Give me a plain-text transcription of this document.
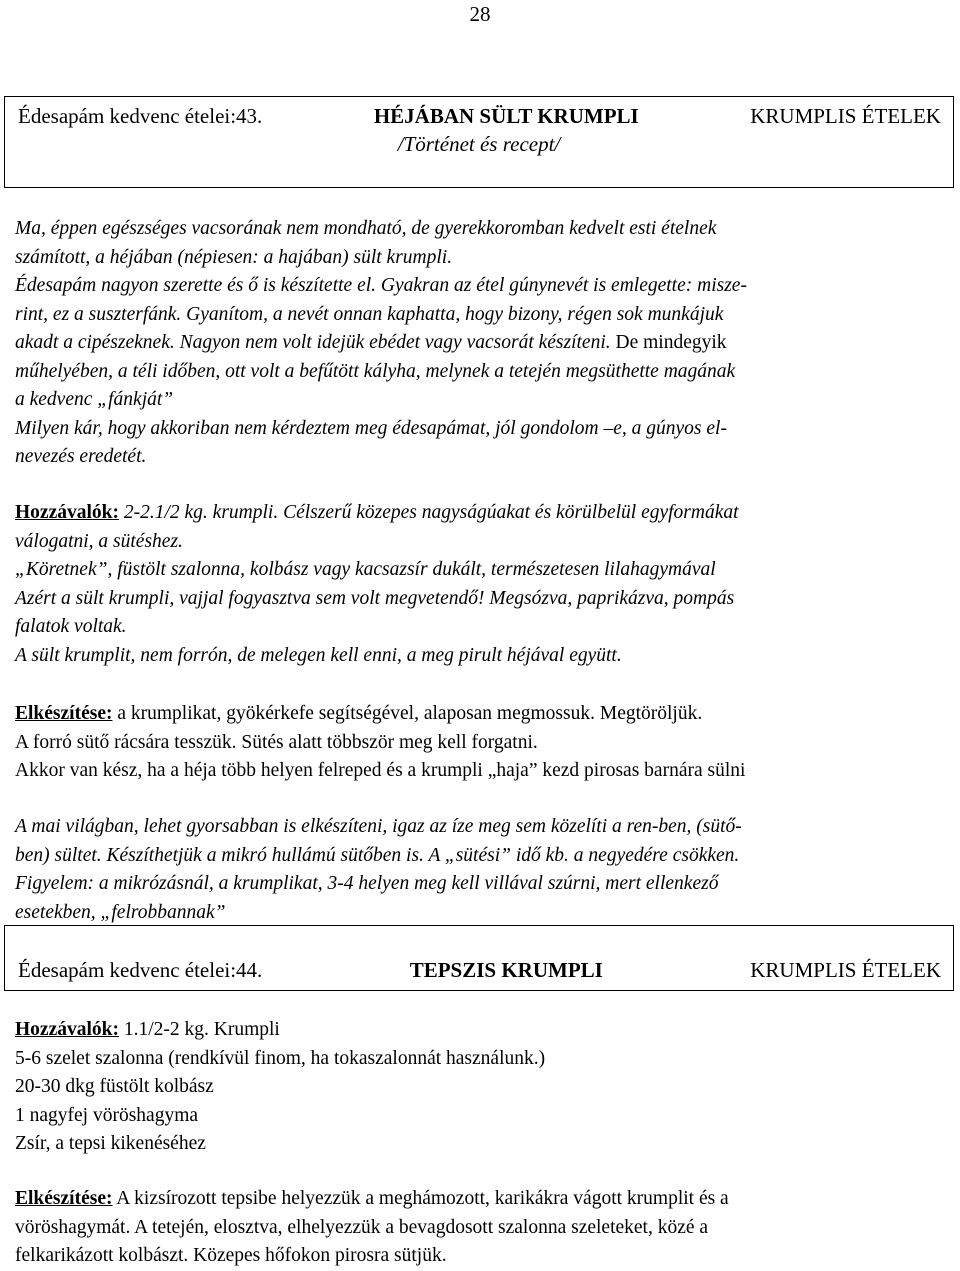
28
Édesapám kedvenc ételei:43.	HÉJÁBAN SÜLT KRUMPLI	KRUMPLIS ÉTELEK
/Történet és recept/

Ma, éppen egészséges vacsorának nem mondható, de gyerekkoromban kedvelt esti ételnek

számított, a héjában (népiesen: a hajában) sült krumpli.

Édesapám nagyon szerette és ő is készítette el. Gyakran az étel gúnynevét is emlegette: misze-

rint, ez a suszterfánk. Gyanítom, a nevét onnan kaphatta, hogy bizony, régen sok munkájuk

akadt a cipészeknek. Nagyon nem volt idejük ebédet vagy vacsorát készíteni. De mindegyik

műhelyében, a téli időben, ott volt a befűtött kályha, melynek a tetején megsüthette magának

a kedvenc „fánkját”

Milyen kár, hogy akkoriban nem kérdeztem meg édesapámat, jól gondolom –e, a gúnyos el-

nevezés eredetét.

Hozzávalók: 2-2.1/2 kg. krumpli. Célszerű közepes nagyságúakat és körülbelül egyformákat

válogatni, a sütéshez.

„Köretnek”, füstölt szalonna, kolbász vagy kacsazsír dukált, természetesen lilahagymával

Azért a sült krumpli, vajjal fogyasztva sem volt megvetendő! Megsózva, paprikázva, pompás

falatok voltak.

A sült krumplit, nem forrón, de melegen kell enni, a meg pirult héjával együtt.

Elkészítése: a krumplikat, gyökérkefe segítségével, alaposan megmossuk. Megtöröljük.

A forró sütő rácsára tesszük. Sütés alatt többször meg kell forgatni.

Akkor van kész, ha a héja több helyen felreped és a krumpli „haja” kezd pirosas barnára sülni

A mai világban, lehet gyorsabban is elkészíteni, igaz az íze meg sem közelíti a ren-ben, (sütő-

ben) sültet. Készíthetjük a mikró hullámú sütőben is. A „sütési” idő kb. a negyedére csökken.

Figyelem: a mikrózásnál, a krumplikat, 3-4 helyen meg kell villával szúrni, mert ellenkező

esetekben, „felrobbannak”

Édesapám kedvenc ételei:44.	TEPSZIS KRUMPLI	KRUMPLIS ÉTELEK

Hozzávalók: 1.1/2-2 kg. Krumpli

5-6 szelet szalonna (rendkívül finom, ha tokaszalonnát használunk.)

20-30 dkg füstölt kolbász

1 nagyfej vöröshagyma

Zsír, a tepsi kikenéséhez

Elkészítése: A kizsírozott tepsibe helyezzük a meghámozott, karikákra vágott krumplit és a

vöröshagymát. A tetején, elosztva, elhelyezzük a bevagdosott szalonna szeleteket, közé a

felkarikázott kolbászt. Közepes hőfokon pirosra sütjük.
